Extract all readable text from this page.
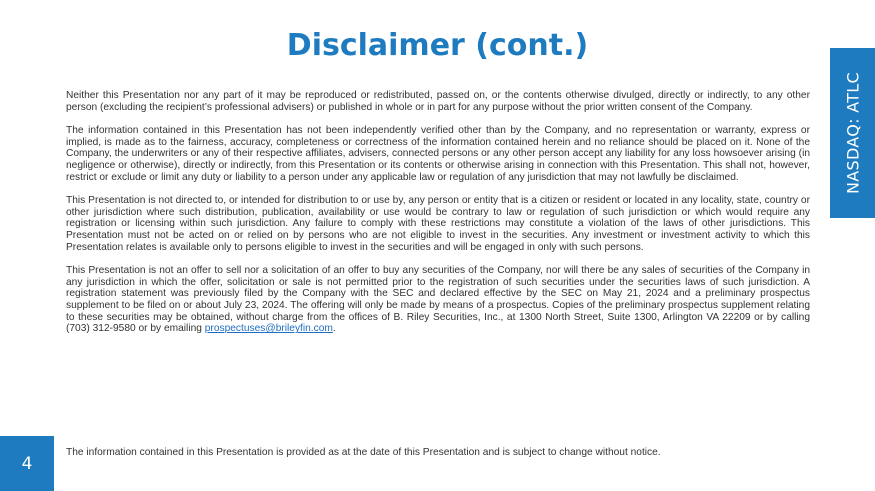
Disclaimer (cont.)
NASDAQ: ATLC

Neither this Presentation nor any part of it may be reproduced or redistributed, passed on, or the contents otherwise divulged, directly or indirectly, to any other person (excluding the recipient’s professional advisers) or published in whole or in part for any purpose without the prior written consent of the Company.

The information contained in this Presentation has not been independently verified other than by the Company, and no representation or warranty, express or implied, is made as to the fairness, accuracy, completeness or correctness of the information contained herein and no reliance should be placed on it. None of the Company, the underwriters or any of their respective affiliates, advisers, connected persons or any other person accept any liability for any loss howsoever arising (in negligence or otherwise), directly or indirectly, from this Presentation or its contents or otherwise arising in connection with this Presentation. This shall not, however, restrict or exclude or limit any duty or liability to a person under any applicable law or regulation of any jurisdiction that may not lawfully be disclaimed.

This Presentation is not directed to, or intended for distribution to or use by, any person or entity that is a citizen or resident or located in any locality, state, country or other jurisdiction where such distribution, publication, availability or use would be contrary to law or regulation of such jurisdiction or which would require any registration or licensing within such jurisdiction. Any failure to comply with these restrictions may constitute a violation of the laws of other jurisdictions. This Presentation must not be acted on or relied on by persons who are not eligible to invest in the securities. Any investment or investment activity to which this Presentation relates is available only to persons eligible to invest in the securities and will be engaged in only with such persons.

This Presentation is not an offer to sell nor a solicitation of an offer to buy any securities of the Company, nor will there be any sales of securities of the Company in any jurisdiction in which the offer, solicitation or sale is not permitted prior to the registration of such securities under the securities laws of such jurisdiction. A registration statement was previously filed by the Company with the SEC and declared effective by the SEC on May 21, 2024 and a preliminary prospectus supplement to be filed on or about July 23, 2024. The offering will only be made by means of a prospectus. Copies of the preliminary prospectus supplement relating to these securities may be obtained, without charge from the offices of B. Riley Securities, Inc., at 1300 North Street, Suite 1300, Arlington VA 22209 or by calling (703) 312-9580 or by emailing prospectuses@brileyfin.com.

The information contained in this Presentation is provided as at the date of this Presentation and is subject to change without notice.

4
